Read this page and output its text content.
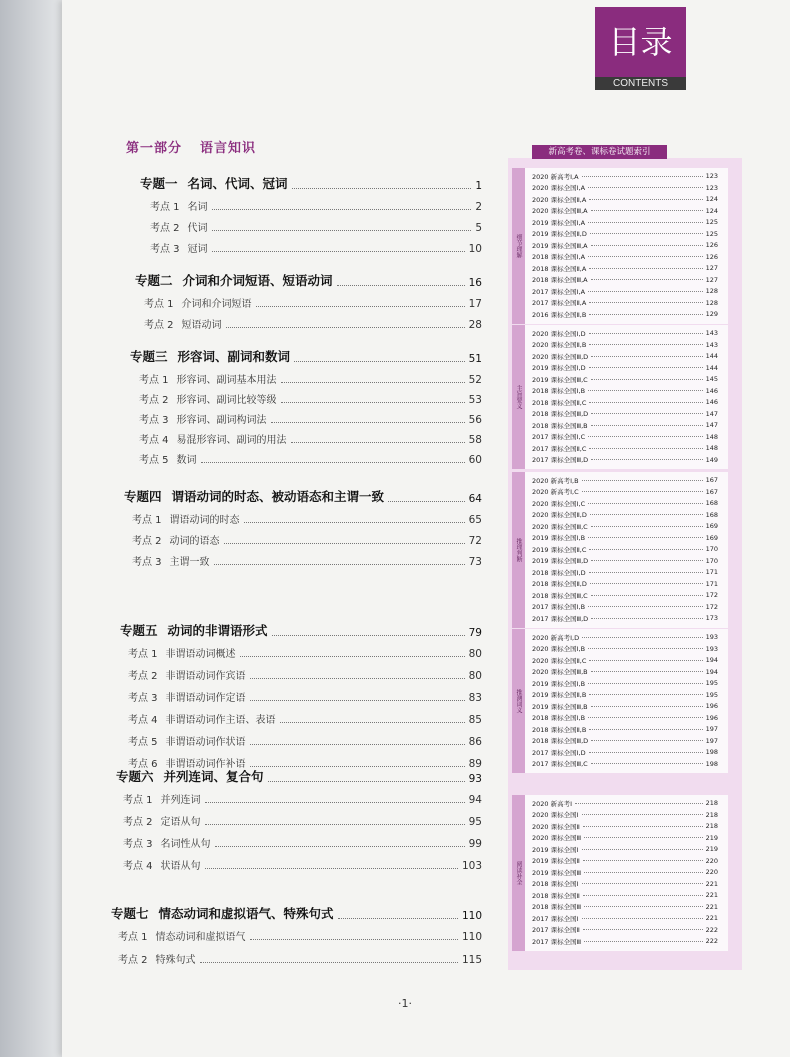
目录
CONTENTS
第一部分 语言知识
专题一 名词、代词、冠词	1
考点 1 名词	2
考点 2 代词	5
考点 3 冠词	10
专题二 介词和介词短语、短语动词	16
考点 1 介词和介词短语	17
考点 2 短语动词	28
专题三 形容词、副词和数词	51
考点 1 形容词、副词基本用法	52
考点 2 形容词、副词比较等级	53
考点 3 形容词、副词构词法	56
考点 4 易混形容词、副词的用法	58
考点 5 数词	60
专题四 谓语动词的时态、被动语态和主谓一致	64
考点 1 谓语动词的时态	65
考点 2 动词的语态	72
考点 3 主谓一致	73
专题五 动词的非谓语形式	79
考点 1 非谓语动词概述	80
考点 2 非谓语动词作宾语	80
考点 3 非谓语动词作定语	83
考点 4 非谓语动词作主语、表语	85
考点 5 非谓语动词作状语	86
考点 6 非谓语动词作补语	89
专题六 并列连词、复合句	93
考点 1 并列连词	94
考点 2 定语从句	95
考点 3 名词性从句	99
考点 4 状语从句	103
专题七 情态动词和虚拟语气、特殊句式	110
考点 1 情态动词和虚拟语气	110
考点 2 特殊句式	115
新高考卷、课标卷试题索引
细节理解
2020 新高考Ⅰ,A	123
2020 课标全国Ⅰ,A	123
2020 课标全国Ⅱ,A	124
2020 课标全国Ⅲ,A	124
2019 课标全国Ⅰ,A	125
2019 课标全国Ⅱ,D	125
2019 课标全国Ⅲ,A	126
2018 课标全国Ⅰ,A	126
2018 课标全国Ⅱ,A	127
2018 课标全国Ⅲ,A	127
2017 课标全国Ⅰ,A	128
2017 课标全国Ⅱ,A	128
2016 课标全国Ⅱ,B	129
主旨要义
2020 课标全国Ⅰ,D	143
2020 课标全国Ⅱ,B	143
2020 课标全国Ⅲ,D	144
2019 课标全国Ⅰ,D	144
2019 课标全国Ⅲ,C	145
2018 课标全国Ⅰ,B	146
2018 课标全国Ⅱ,C	146
2018 课标全国Ⅲ,D	147
2018 课标全国Ⅲ,B	147
2017 课标全国Ⅰ,C	148
2017 课标全国Ⅱ,C	148
2017 课标全国Ⅲ,D	149
推理判断
2020 新高考Ⅰ,B	167
2020 新高考Ⅰ,C	167
2020 课标全国Ⅰ,C	168
2020 课标全国Ⅱ,D	168
2020 课标全国Ⅲ,C	169
2019 课标全国Ⅰ,B	169
2019 课标全国Ⅱ,C	170
2019 课标全国Ⅲ,D	170
2018 课标全国Ⅰ,D	171
2018 课标全国Ⅱ,D	171
2018 课标全国Ⅲ,C	172
2017 课标全国Ⅰ,B	172
2017 课标全国Ⅲ,D	173
推测词义
2020 新高考Ⅰ,D	193
2020 课标全国Ⅰ,B	193
2020 课标全国Ⅱ,C	194
2020 课标全国Ⅲ,B	194
2019 课标全国Ⅰ,B	195
2019 课标全国Ⅱ,B	195
2019 课标全国Ⅲ,B	196
2018 课标全国Ⅰ,B	196
2018 课标全国Ⅱ,B	197
2018 课标全国Ⅲ,D	197
2017 课标全国Ⅰ,D	198
2017 课标全国Ⅲ,C	198
阅读补全
2020 新高考Ⅰ	218
2020 课标全国Ⅰ	218
2020 课标全国Ⅱ	218
2020 课标全国Ⅲ	219
2019 课标全国Ⅰ	219
2019 课标全国Ⅱ	220
2019 课标全国Ⅲ	220
2018 课标全国Ⅰ	221
2018 课标全国Ⅱ	221
2018 课标全国Ⅲ	221
2017 课标全国Ⅰ	221
2017 课标全国Ⅱ	222
2017 课标全国Ⅲ	222
·1·
